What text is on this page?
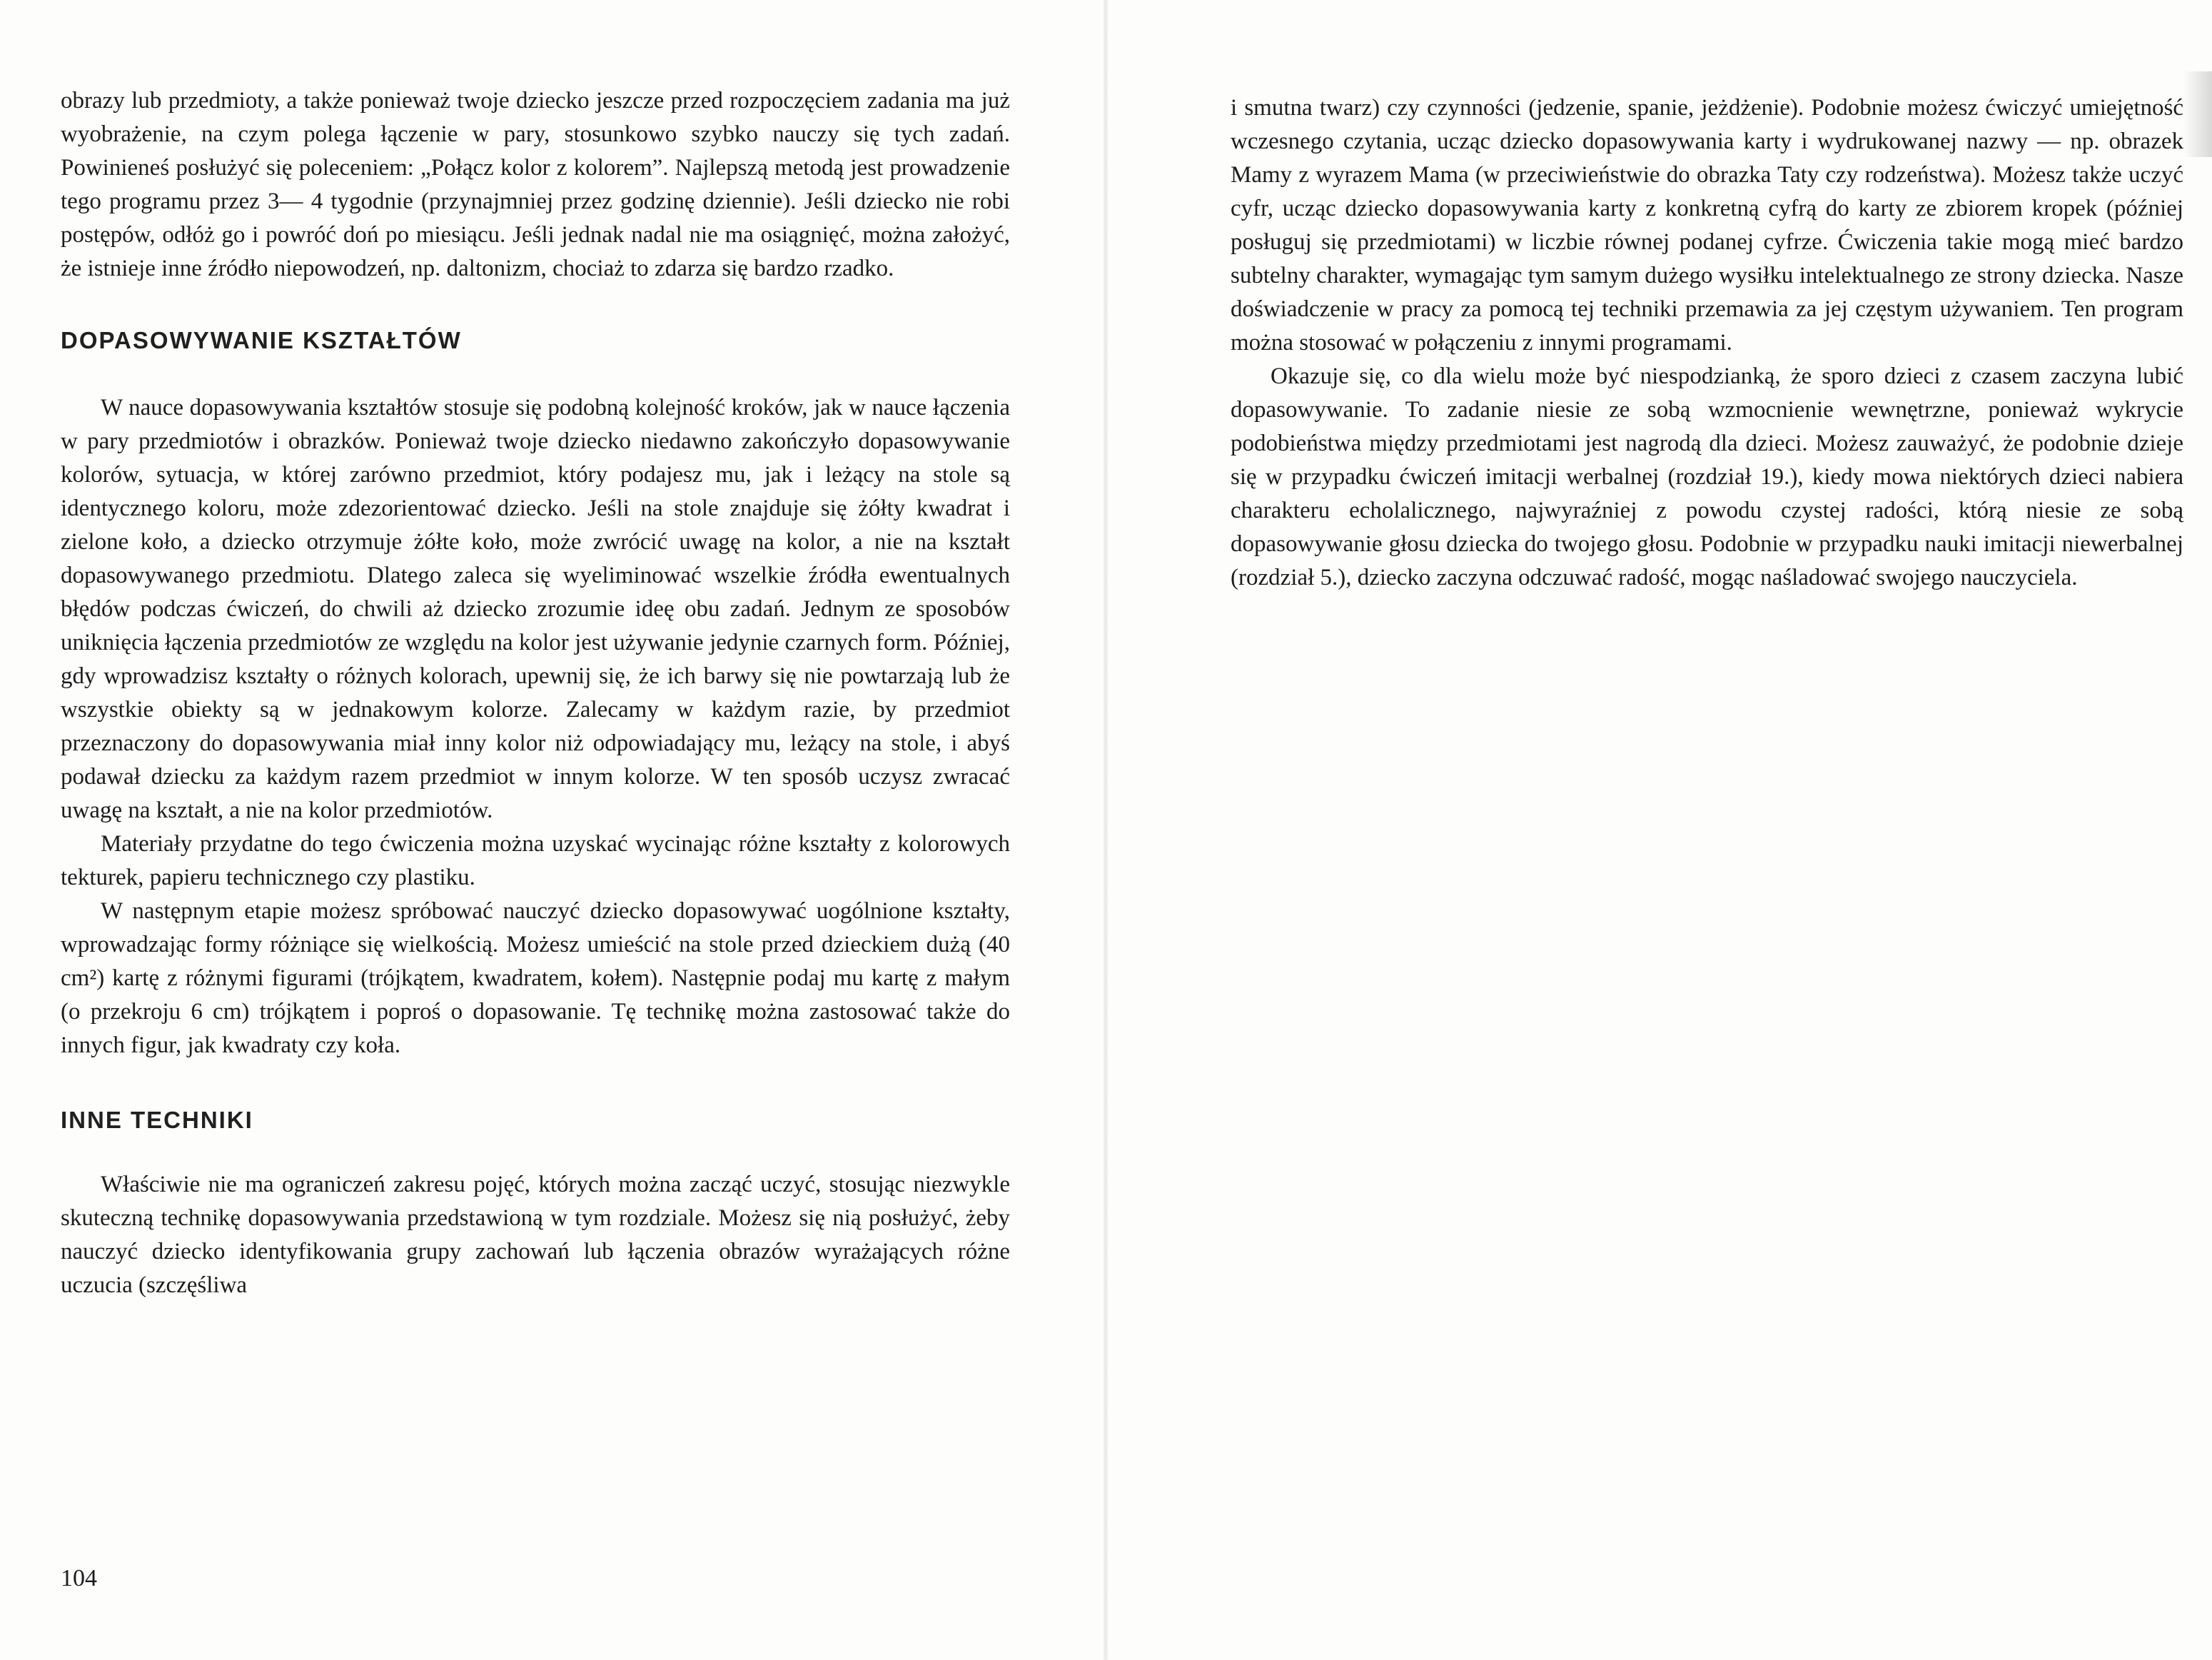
obrazy lub przedmioty, a także ponieważ twoje dziecko jeszcze przed rozpoczęciem zadania ma już wyobrażenie, na czym polega łączenie w pary, stosunkowo szybko nauczy się tych zadań. Powinieneś posłużyć się poleceniem: „Połącz kolor z kolorem”. Najlepszą metodą jest prowadzenie tego programu przez 3— 4 tygodnie (przynajmniej przez godzinę dziennie). Jeśli dziecko nie robi postępów, odłóż go i powróć doń po miesiącu. Jeśli jednak nadal nie ma osiągnięć, można założyć, że istnieje inne źródło niepowodzeń, np. daltonizm, chociaż to zdarza się bardzo rzadko.

DOPASOWYWANIE KSZTAŁTÓW

W nauce dopasowywania kształtów stosuje się podobną kolejność kroków, jak w nauce łączenia w pary przedmiotów i obrazków. Ponieważ twoje dziecko niedawno zakończyło dopasowywanie kolorów, sytuacja, w której zarówno przedmiot, który podajesz mu, jak i leżący na stole są identycznego koloru, może zdezorientować dziecko. Jeśli na stole znajduje się żółty kwadrat i zielone koło, a dziecko otrzymuje żółte koło, może zwrócić uwagę na kolor, a nie na kształt dopasowywanego przedmiotu. Dlatego zaleca się wyeliminować wszelkie źródła ewentualnych błędów podczas ćwiczeń, do chwili aż dziecko zrozumie ideę obu zadań. Jednym ze sposobów uniknięcia łączenia przedmiotów ze względu na kolor jest używanie jedynie czarnych form. Później, gdy wprowadzisz kształty o różnych kolorach, upewnij się, że ich barwy się nie powtarzają lub że wszystkie obiekty są w jednakowym kolorze. Zalecamy w każdym razie, by przedmiot przeznaczony do dopasowywania miał inny kolor niż odpowiadający mu, leżący na stole, i abyś podawał dziecku za każdym razem przedmiot w innym kolorze. W ten sposób uczysz zwracać uwagę na kształt, a nie na kolor przedmiotów.

Materiały przydatne do tego ćwiczenia można uzyskać wycinając różne kształty z kolorowych tekturek, papieru technicznego czy plastiku.

W następnym etapie możesz spróbować nauczyć dziecko dopasowywać uogólnione kształty, wprowadzając formy różniące się wielkością. Możesz umieścić na stole przed dzieckiem dużą (40 cm²) kartę z różnymi figurami (trójkątem, kwadratem, kołem). Następnie podaj mu kartę z małym (o przekroju 6 cm) trójkątem i poproś o dopasowanie. Tę technikę można zastosować także do innych figur, jak kwadraty czy koła.

INNE TECHNIKI

Właściwie nie ma ograniczeń zakresu pojęć, których można zacząć uczyć, stosując niezwykle skuteczną technikę dopasowywania przedstawioną w tym rozdziale. Możesz się nią posłużyć, żeby nauczyć dziecko identyfikowania grupy zachowań lub łączenia obrazów wyrażających różne uczucia (szczęśliwa

104

i smutna twarz) czy czynności (jedzenie, spanie, jeżdżenie). Podobnie możesz ćwiczyć umiejętność wczesnego czytania, ucząc dziecko dopasowywania karty i wydrukowanej nazwy — np. obrazek Mamy z wyrazem Mama (w przeciwieństwie do obrazka Taty czy rodzeństwa). Możesz także uczyć cyfr, ucząc dziecko dopasowywania karty z konkretną cyfrą do karty ze zbiorem kropek (później posługuj się przedmiotami) w liczbie równej podanej cyfrze. Ćwiczenia takie mogą mieć bardzo subtelny charakter, wymagając tym samym dużego wysiłku intelektualnego ze strony dziecka. Nasze doświadczenie w pracy za pomocą tej techniki przemawia za jej częstym używaniem. Ten program można stosować w połączeniu z innymi programami.

Okazuje się, co dla wielu może być niespodzianką, że sporo dzieci z czasem zaczyna lubić dopasowywanie. To zadanie niesie ze sobą wzmocnienie wewnętrzne, ponieważ wykrycie podobieństwa między przedmiotami jest nagrodą dla dzieci. Możesz zauważyć, że podobnie dzieje się w przypadku ćwiczeń imitacji werbalnej (rozdział 19.), kiedy mowa niektórych dzieci nabiera charakteru echolalicznego, najwyraźniej z powodu czystej radości, którą niesie ze sobą dopasowywanie głosu dziecka do twojego głosu. Podobnie w przypadku nauki imitacji niewerbalnej (rozdział 5.), dziecko zaczyna odczuwać radość, mogąc naśladować swojego nauczyciela.
